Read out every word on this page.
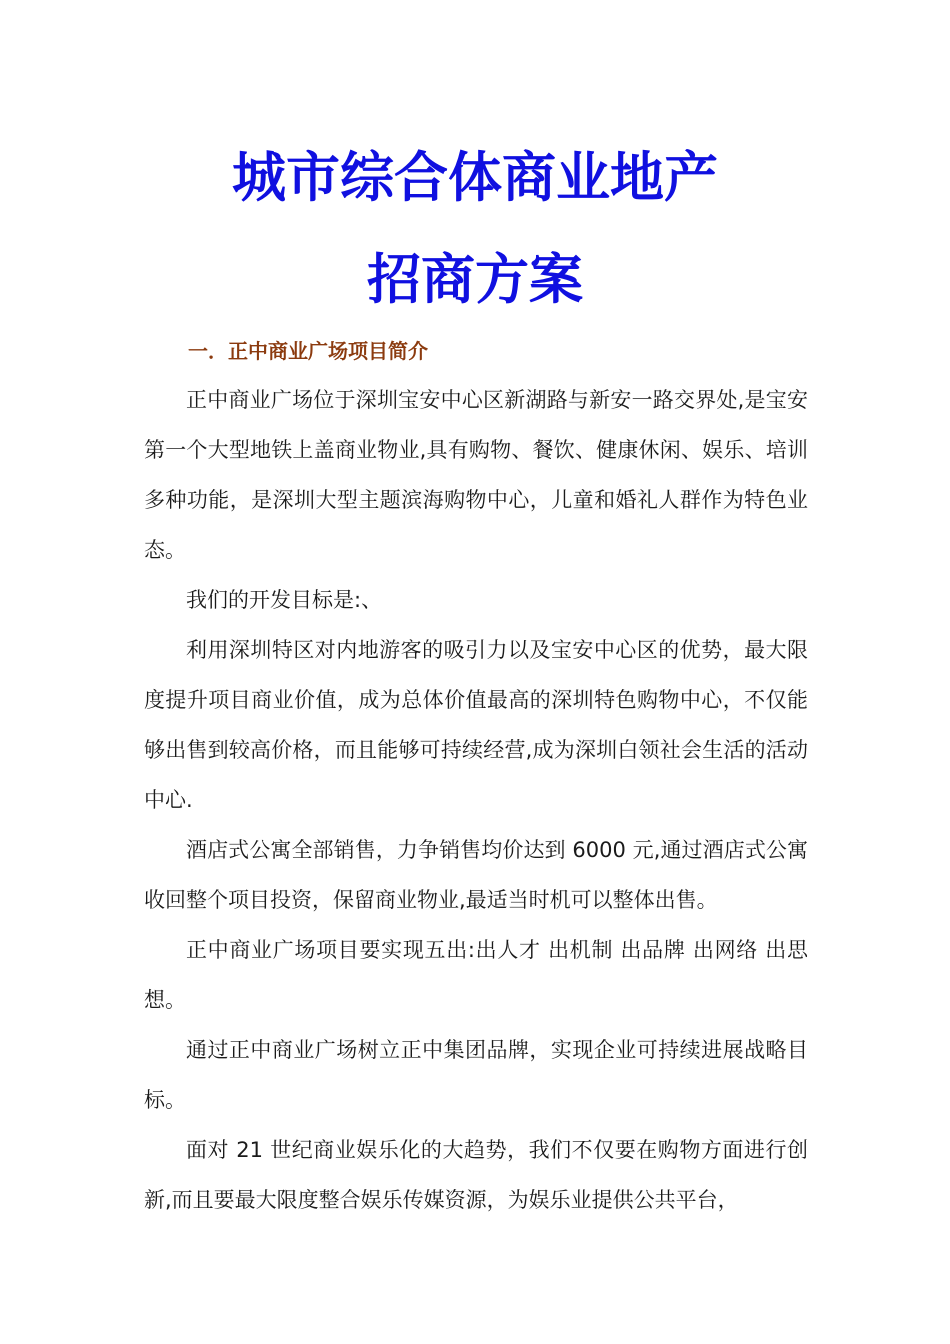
城市综合体商业地产
招商方案
一．正中商业广场项目简介

正中商业广场位于深圳宝安中心区新湖路与新安一路交界处,是宝安第一个大型地铁上盖商业物业,具有购物、餐饮、健康休闲、娱乐、培训多种功能，是深圳大型主题滨海购物中心，儿童和婚礼人群作为特色业态。

我们的开发目标是:、

利用深圳特区对内地游客的吸引力以及宝安中心区的优势，最大限度提升项目商业价值，成为总体价值最高的深圳特色购物中心，不仅能够出售到较高价格，而且能够可持续经营,成为深圳白领社会生活的活动中心.

酒店式公寓全部销售，力争销售均价达到 6000 元,通过酒店式公寓收回整个项目投资，保留商业物业,最适当时机可以整体出售。

正中商业广场项目要实现五出:出人才 出机制 出品牌 出网络 出思想。

通过正中商业广场树立正中集团品牌，实现企业可持续进展战略目标。

面对 21 世纪商业娱乐化的大趋势，我们不仅要在购物方面进行创新,而且要最大限度整合娱乐传媒资源，为娱乐业提供公共平台，
